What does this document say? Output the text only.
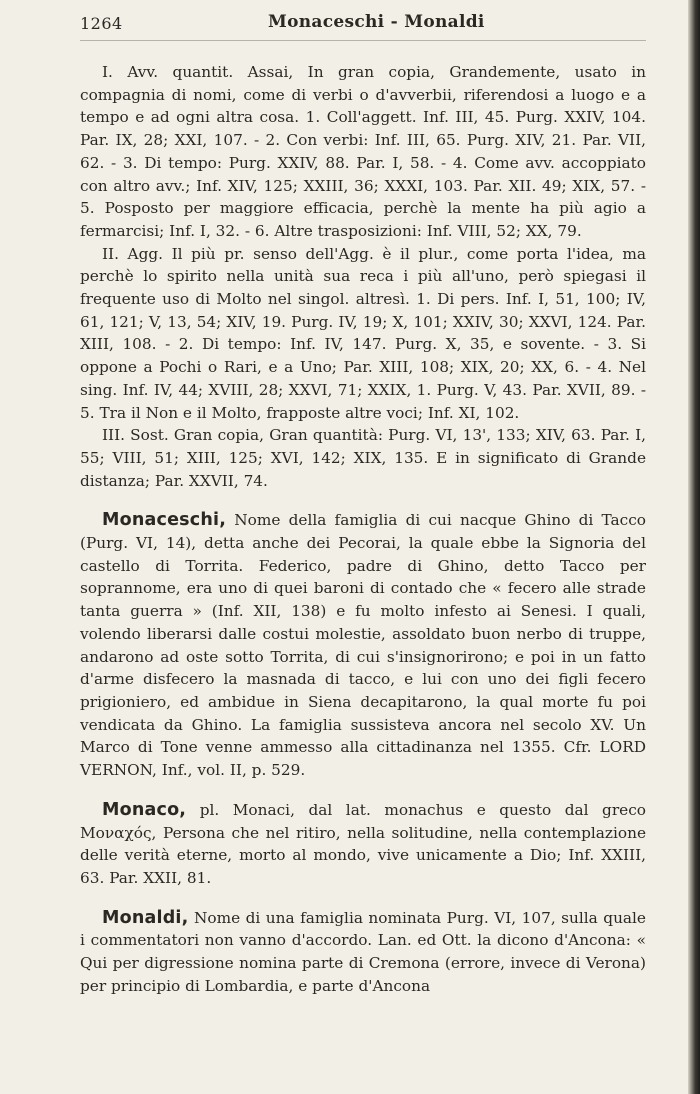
1264	Monaceschi - Monaldi

I. Avv. quantit. Assai, In gran copia, Grandemente, usato in compagnia di nomi, come di verbi o d'avverbii, riferendosi a luogo e a tempo e ad ogni altra cosa. 1. Coll'aggett. Inf. III, 45. Purg. XXIV, 104. Par. IX, 28; XXI, 107. - 2. Con verbi: Inf. III, 65. Purg. XIV, 21. Par. VII, 62. - 3. Di tempo: Purg. XXIV, 88. Par. I, 58. - 4. Come avv. accoppiato con altro avv.; Inf. XIV, 125; XXIII, 36; XXXI, 103. Par. XII. 49; XIX, 57. - 5. Posposto per maggiore efficacia, perchè la mente ha più agio a fermarcisi; Inf. I, 32. - 6. Altre trasposizioni: Inf. VIII, 52; XX, 79.

II. Agg. Il più pr. senso dell'Agg. è il plur., come porta l'idea, ma perchè lo spirito nella unità sua reca i più all'uno, però spiegasi il frequente uso di Molto nel singol. altresì. 1. Di pers. Inf. I, 51, 100; IV, 61, 121; V, 13, 54; XIV, 19. Purg. IV, 19; X, 101; XXIV, 30; XXVI, 124. Par. XIII, 108. - 2. Di tempo: Inf. IV, 147. Purg. X, 35, e sovente. - 3. Si oppone a Pochi o Rari, e a Uno; Par. XIII, 108; XIX, 20; XX, 6. - 4. Nel sing. Inf. IV, 44; XVIII, 28; XXVI, 71; XXIX, 1. Purg. V, 43. Par. XVII, 89. - 5. Tra il Non e il Molto, frapposte altre voci; Inf. XI, 102.

III. Sost. Gran copia, Gran quantità: Purg. VI, 13', 133; XIV, 63. Par. I, 55; VIII, 51; XIII, 125; XVI, 142; XIX, 135. E in significato di Grande distanza; Par. XXVII, 74.

Monaceschi, Nome della famiglia di cui nacque Ghino di Tacco (Purg. VI, 14), detta anche dei Pecorai, la quale ebbe la Signoria del castello di Torrita. Federico, padre di Ghino, detto Tacco per soprannome, era uno di quei baroni di contado che « fecero alle strade tanta guerra » (Inf. XII, 138) e fu molto infesto ai Senesi. I quali, volendo liberarsi dalle costui molestie, assoldato buon nerbo di truppe, andarono ad oste sotto Torrita, di cui s'insignorirono; e poi in un fatto d'arme disfecero la masnada di tacco, e lui con uno dei figli fecero prigioniero, ed ambidue in Siena decapitarono, la qual morte fu poi vendicata da Ghino. La famiglia sussisteva ancora nel secolo XV. Un Marco di Tone venne ammesso alla cittadinanza nel 1355. Cfr. LORD VERNON, Inf., vol. II, p. 529.

Monaco, pl. Monaci, dal lat. monachus e questo dal greco Μοναχός, Persona che nel ritiro, nella solitudine, nella contemplazione delle verità eterne, morto al mondo, vive unicamente a Dio; Inf. XXIII, 63. Par. XXII, 81.

Monaldi, Nome di una famiglia nominata Purg. VI, 107, sulla quale i commentatori non vanno d'accordo. Lan. ed Ott. la dicono d'Ancona: « Qui per digressione nomina parte di Cremona (errore, invece di Verona) per principio di Lombardia, e parte d'Ancona
